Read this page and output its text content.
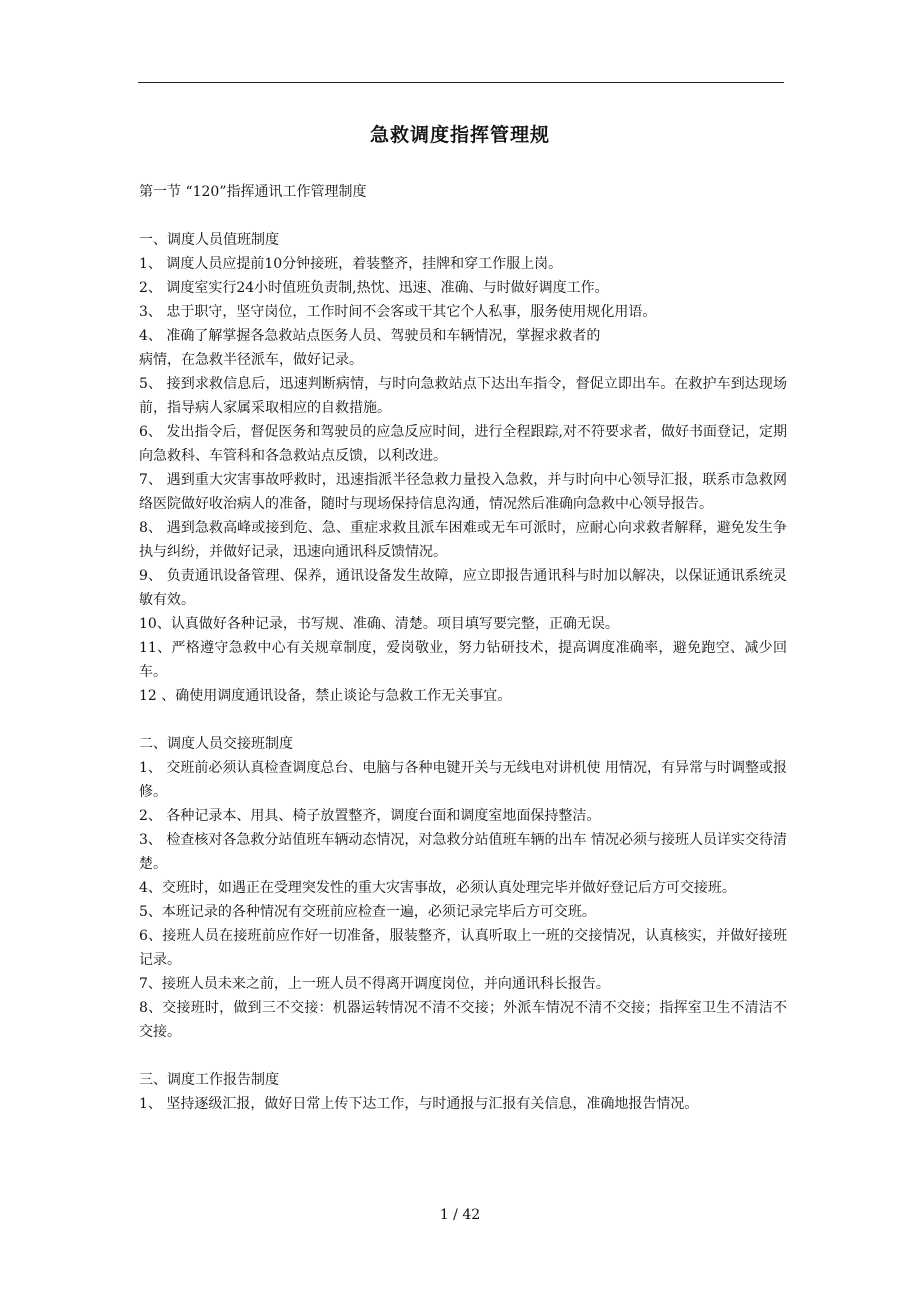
急救调度指挥管理规

第一节 “120”指挥通讯工作管理制度

一、调度人员值班制度

1、 调度人员应提前10分钟接班，着装整齐，挂牌和穿工作服上岗。

2、 调度室实行24小时值班负责制,热忱、迅速、准确、与时做好调度工作。

3、 忠于职守，坚守岗位，工作时间不会客或干其它个人私事，服务使用规化用语。

4、 准确了解掌握各急救站点医务人员、驾驶员和车辆情况，掌握求救者的

病情，在急救半径派车，做好记录。

5、 接到求救信息后，迅速判断病情，与时向急救站点下达出车指令，督促立即出车。在救护车到达现场前，指导病人家属采取相应的自救措施。

6、 发出指令后，督促医务和驾驶员的应急反应时间，进行全程跟踪,对不符要求者，做好书面登记，定期向急救科、车管科和各急救站点反馈，以利改进。

7、 遇到重大灾害事故呼救时，迅速指派半径急救力量投入急救，并与时向中心领导汇报，联系市急救网络医院做好收治病人的准备，随时与现场保持信息沟通，情况然后准确向急救中心领导报告。

8、 遇到急救高峰或接到危、急、重症求救且派车困难或无车可派时，应耐心向求救者解释，避免发生争执与纠纷，并做好记录，迅速向通讯科反馈情况。

9、 负责通讯设备管理、保养，通讯设备发生故障，应立即报告通讯科与时加以解决，以保证通讯系统灵敏有效。

10、认真做好各种记录，书写规、准确、清楚。项目填写要完整，正确无误。

11、严格遵守急救中心有关规章制度，爱岗敬业，努力钻研技术，提高调度准确率，避免跑空、减少回车。

12 、确使用调度通讯设备，禁止谈论与急救工作无关事宜。

二、调度人员交接班制度

1、 交班前必须认真检查调度总台、电脑与各种电键开关与无线电对讲机使 用情况，有异常与时调整或报修。

2、 各种记录本、用具、椅子放置整齐，调度台面和调度室地面保持整洁。

3、 检查核对各急救分站值班车辆动态情况，对急救分站值班车辆的出车 情况必须与接班人员详实交待清楚。

4、交班时，如遇正在受理突发性的重大灾害事故，必须认真处理完毕并做好登记后方可交接班。

5、本班记录的各种情况有交班前应检查一遍，必须记录完毕后方可交班。

6、接班人员在接班前应作好一切准备，服装整齐，认真听取上一班的交接情况，认真核实，并做好接班记录。

7、接班人员未来之前，上一班人员不得离开调度岗位，并向通讯科长报告。

8、交接班时，做到三不交接：机器运转情况不清不交接；外派车情况不清不交接；指挥室卫生不清洁不交接。

三、调度工作报告制度

1、 坚持逐级汇报，做好日常上传下达工作，与时通报与汇报有关信息，准确地报告情况。

1 / 42
